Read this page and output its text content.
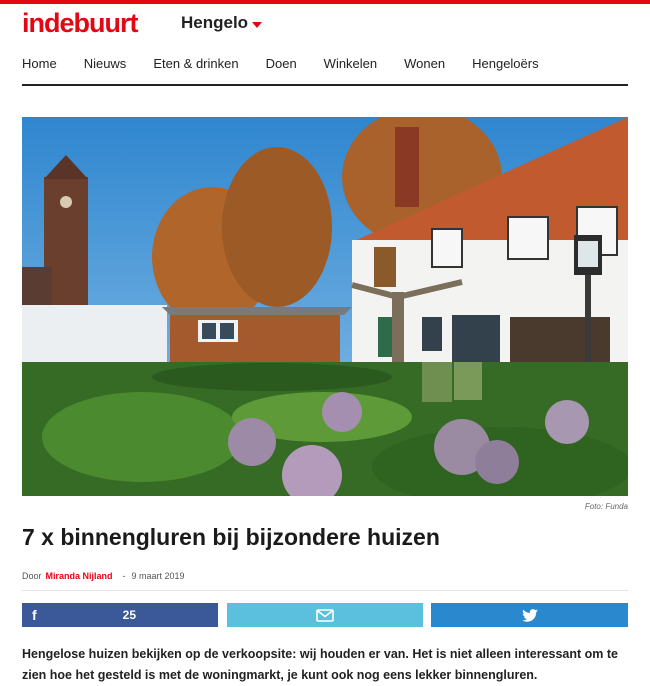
indebuurt	Hengelo
Home Nieuws Eten & drinken Doen Winkelen Wonen Hengeloërs
Foto: Funda
7 x binnengluren bij bijzondere huizen
Door Miranda Nijland - 9 maart 2019
f	25

Hengelose huizen bekijken op de verkoopsite: wij houden er van. Het is niet alleen interessant om te zien hoe het gesteld is met de woningmarkt, je kunt ook nog eens lekker binnengluren.
